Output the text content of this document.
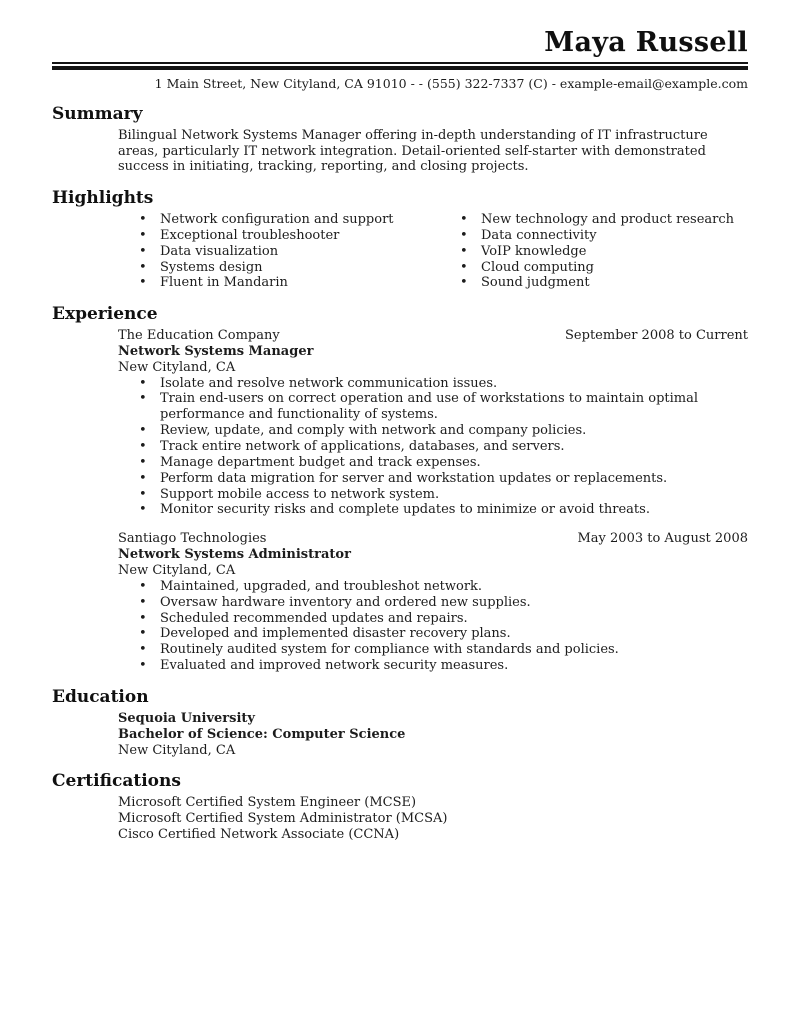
Maya Russell
1 Main Street, New Cityland, CA 91010 - - (555) 322-7337 (C) - example-email@example.com
Summary

Bilingual Network Systems Manager offering in-depth understanding of IT infrastructure areas, particularly IT network integration. Detail-oriented self-starter with demonstrated success in initiating, tracking, reporting, and closing projects.

Highlights
•
Network configuration and support
•
Exceptional troubleshooter
•
Data visualization
•
Systems design
•
Fluent in Mandarin
•
New technology and product research
•
Data connectivity
•
VoIP knowledge
•
Cloud computing
•
Sound judgment
Experience
The Education Company	September 2008 to Current
Network Systems Manager
New Cityland, CA
•
Isolate and resolve network communication issues.
•
Train end-users on correct operation and use of workstations to maintain optimal performance and functionality of systems.
•
Review, update, and comply with network and company policies.
•
Track entire network of applications, databases, and servers.
•
Manage department budget and track expenses.
•
Perform data migration for server and workstation updates or replacements.
•
Support mobile access to network system.
•
Monitor security risks and complete updates to minimize or avoid threats.
Santiago Technologies	May 2003 to August 2008
Network Systems Administrator
New Cityland, CA
•
Maintained, upgraded, and troubleshot network.
•
Oversaw hardware inventory and ordered new supplies.
•
Scheduled recommended updates and repairs.
•
Developed and implemented disaster recovery plans.
•
Routinely audited system for compliance with standards and policies.
•
Evaluated and improved network security measures.
Education
Sequoia University
Bachelor of Science: Computer Science
New Cityland, CA
Certifications
Microsoft Certified System Engineer (MCSE)
Microsoft Certified System Administrator (MCSA)
Cisco Certified Network Associate (CCNA)
